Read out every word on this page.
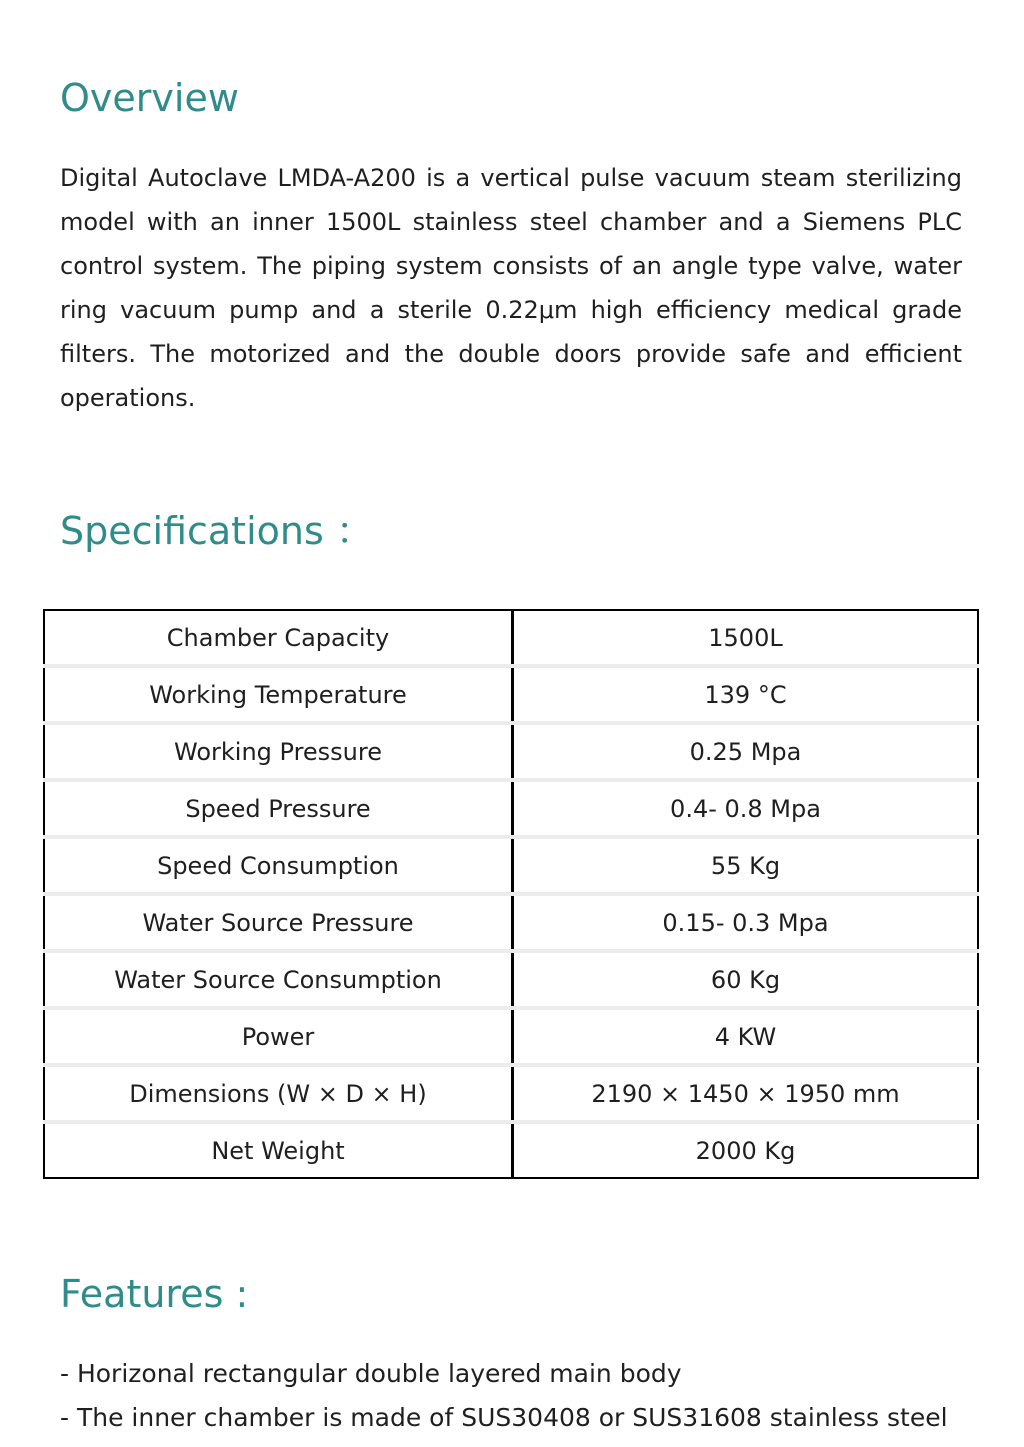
Overview

Digital Autoclave LMDA-A200 is a vertical pulse vacuum steam sterilizing model with an inner 1500L stainless steel chamber and a Siemens PLC control system. The piping system consists of an angle type valve, water ring vacuum pump and a sterile 0.22μm high efficiency medical grade filters. The motorized and the double doors provide safe and efficient operations.

Specifications ：
Chamber Capacity	1500L
Working Temperature	139 °C
Working Pressure	0.25 Mpa
Speed Pressure	0.4- 0.8 Mpa
Speed Consumption	55 Kg
Water Source Pressure	0.15- 0.3 Mpa
Water Source Consumption	60 Kg
Power	4 KW
Dimensions (W × D × H)	2190 × 1450 × 1950 mm
Net Weight	2000 Kg
Features :
- Horizonal rectangular double layered main body
- The inner chamber is made of SUS30408 or SUS31608 stainless steel
